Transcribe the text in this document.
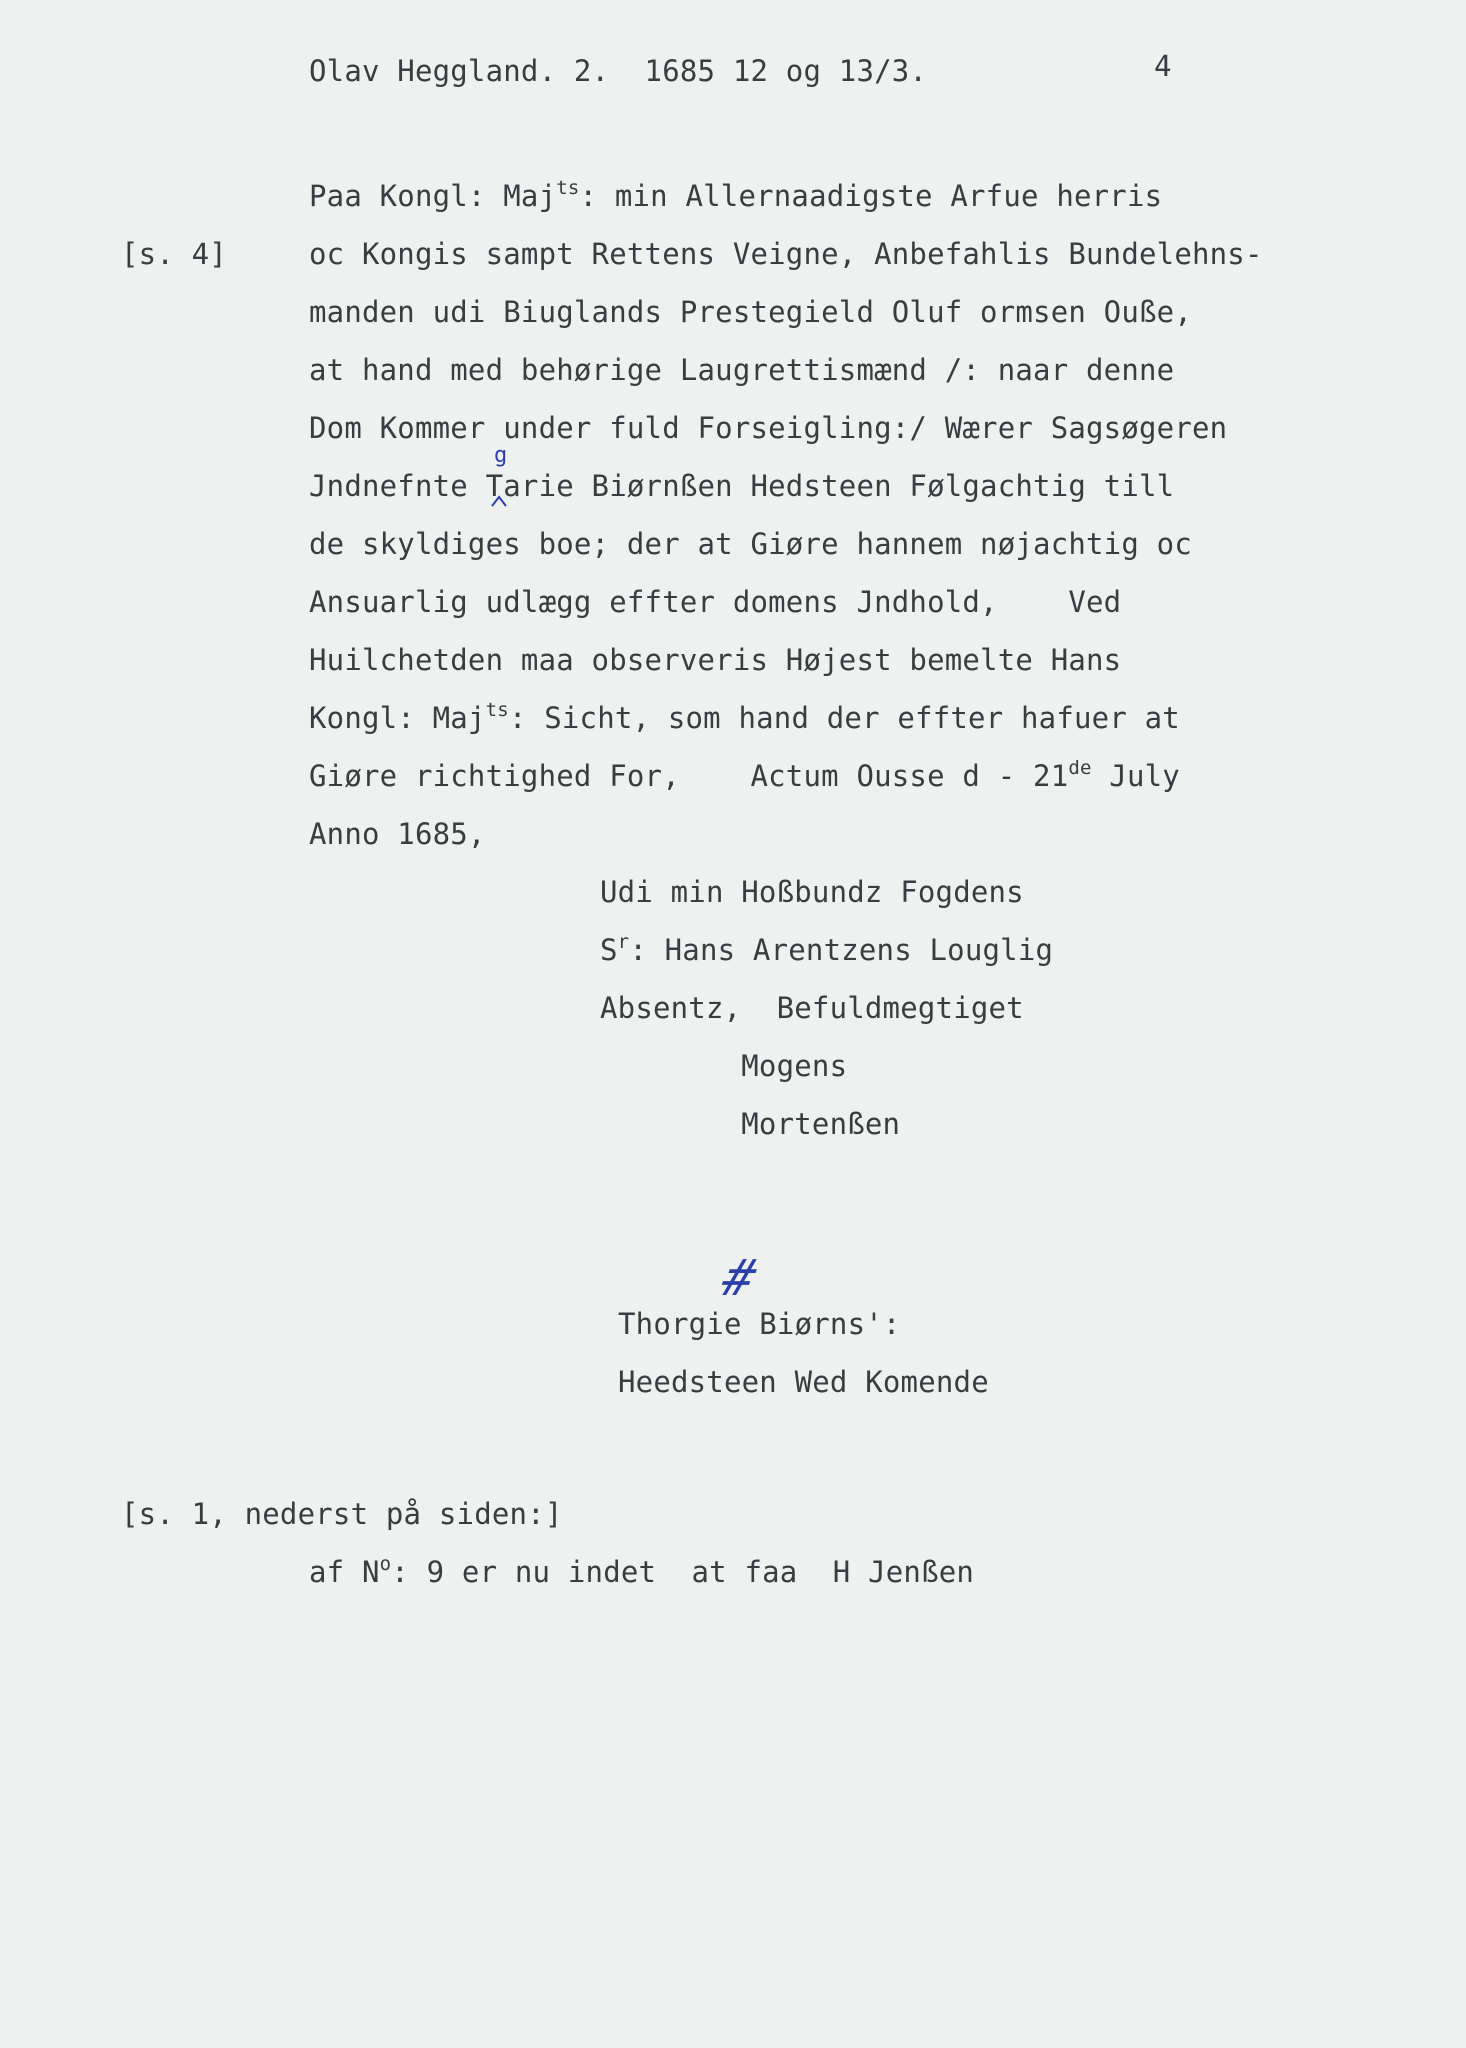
Olav Heggland. 2.  1685 12 og 13/3.	4
[s. 4]
Paa Kongl: Maj$^{ts}$: min Allernaadigste Arfue herris
oc Kongis sampt Rettens Veigne, Anbefahlis Bundelehns-
manden udi Biuglands Prestegield Oluf ormsen Ouße,
at hand med behørige Laugrettismænd /: naar denne
Dom Kommer under fuld Forseigling:/ Wærer Sagsøgeren
Jndnefnte Tarie Biørnßen Hedsteen Følgachtig till
de skyldiges boe; der at Giøre hannem nøjachtig oc
Ansuarlig udlægg effter domens Jndhold,    Ved
Huilchetden maa observeris Højest bemelte Hans
Kongl: Maj$^{ts}$: Sicht, som hand der effter hafuer at
Giøre richtighed For,    Actum Ousse d - 21de July
Anno 1685,
g
Udi min Hoßbundz Fogdens
$S^r$: Hans Arentzens Louglig
Absentz,  Befuldmegtiget
Mogens
Mortenßen
#
Thorgie Biørns':
Heedsteen Wed Komende
[s. 1, nederst på siden:]
af $N^o$: 9 er nu indet  at faa  H Jenßen
